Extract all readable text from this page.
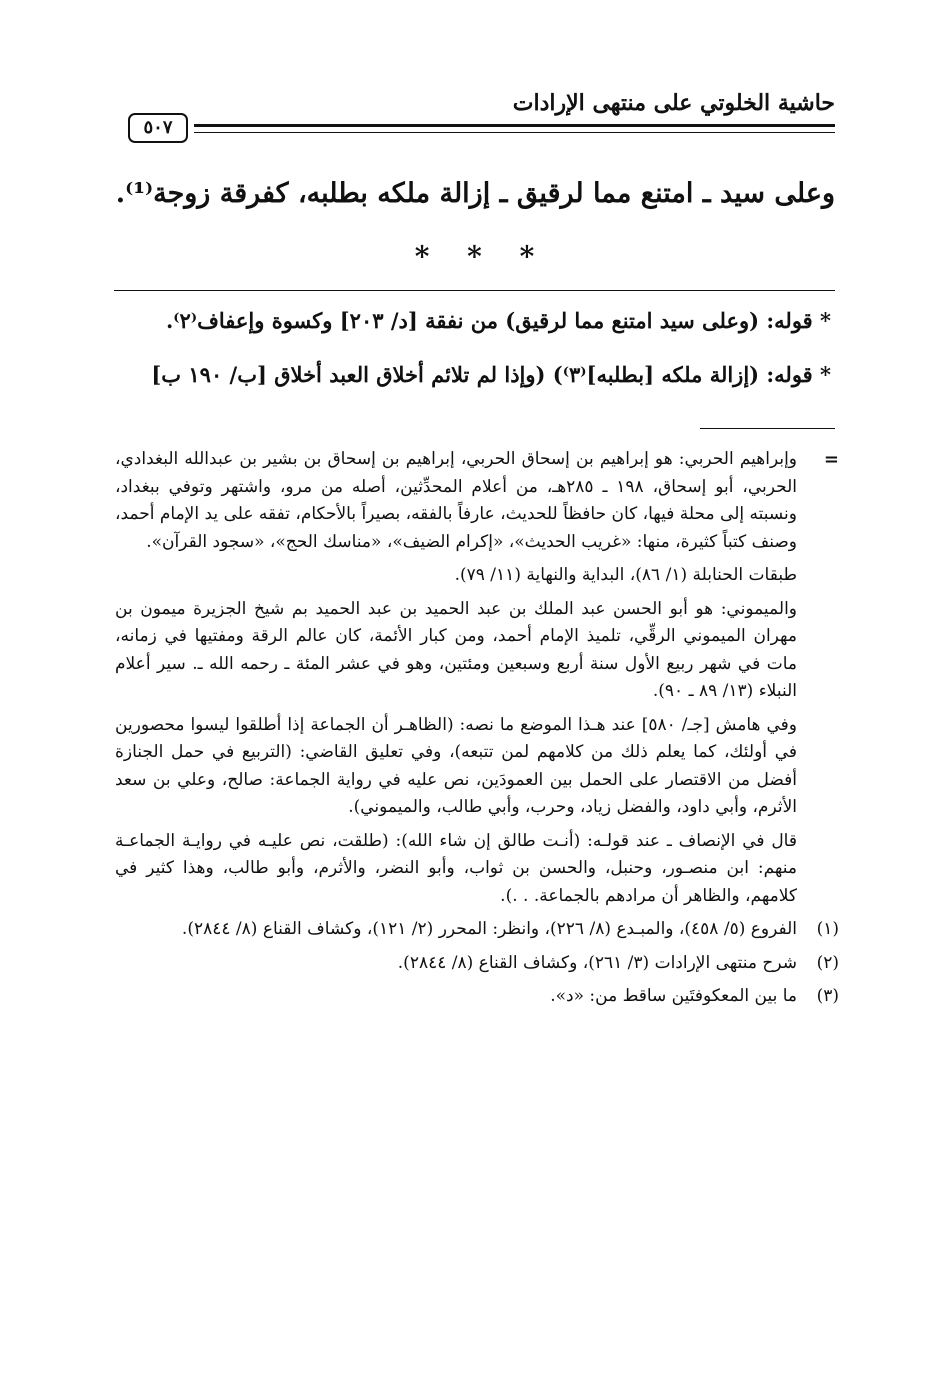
حاشية الخلوتي على منتهى الإرادات
٥٠٧
وعلى سيد ـ امتنع مما لرقيق ـ إزالة ملكه بطلبه، كفرقة زوجة⁽¹⁾.
* * *
* قوله: (وعلى سيد امتنع مما لرقيق) من نفقة [د/ ٢٠٣] وكسوة وإعفاف⁽٢⁾.
* قوله: (إزالة ملكه [بطلبه]⁽٣⁾) (وإذا لم تلائم أخلاق العبد أخلاق [ب/ ١٩٠ ب]
=
وإبراهيم الحربي: هو إبراهيم بن إسحاق الحربي، إبراهيم بن إسحاق بن بشير بن عبدالله البغدادي، الحربي، أبو إسحاق، ١٩٨ ـ ٢٨٥هـ، من أعلام المحدِّثين، أصله من مرو، واشتهر وتوفي ببغداد، ونسبته إلى محلة فيها، كان حافظاً للحديث، عارفاً بالفقه، بصيراً بالأحكام، تفقه على يد الإمام أحمد، وصنف كتباً كثيرة، منها: «غريب الحديث»، «إكرام الضيف»، «مناسك الحج»، «سجود القرآن».
طبقات الحنابلة (١/ ٨٦)، البداية والنهاية (١١/ ٧٩).
والميموني: هو أبو الحسن عبد الملك بن عبد الحميد بن عبد الحميد بم شيخ الجزيرة ميمون بن مهران الميموني الرقِّي، تلميذ الإمام أحمد، ومن كبار الأئمة، كان عالم الرقة ومفتيها في زمانه، مات في شهر ربيع الأول سنة أربع وسبعين ومئتين، وهو في عشر المئة ـ رحمه الله ـ. سير أعلام النبلاء (١٣/ ٨٩ ـ ٩٠).
وفي هامش [جـ/ ٥٨٠] عند هـذا الموضع ما نصه: (الظاهـر أن الجماعة إذا أطلقوا ليسوا محصورين في أولئك، كما يعلم ذلك من كلامهم لمن تتبعه)، وفي تعليق القاضي: (التربيع في حمل الجنازة أفضل من الاقتصار على الحمل بين العمودَين، نص عليه في رواية الجماعة: صالح، وعلي بن سعد الأثرم، وأبي داود، والفضل زياد، وحرب، وأبي طالب، والميموني).
قال في الإنصاف ـ عند قولـه: (أنـت طالق إن شاء الله): (طلقت، نص عليـه في روايـة الجماعـة منهم: ابن منصـور، وحنبل، والحسن بن ثواب، وأبو النضر، والأثرم، وأبو طالب، وهذا كثير في كلامهم، والظاهر أن مرادهم بالجماعة. . .).
(١)
الفروع (٥/ ٤٥٨)، والمبـدع (٨/ ٢٢٦)، وانظر: المحرر (٢/ ١٢١)، وكشاف القناع (٨/ ٢٨٤٤).
(٢)
شرح منتهى الإرادات (٣/ ٢٦١)، وكشاف القناع (٨/ ٢٨٤٤).
(٣)
ما بين المعكوفتَين ساقط من: «د».
